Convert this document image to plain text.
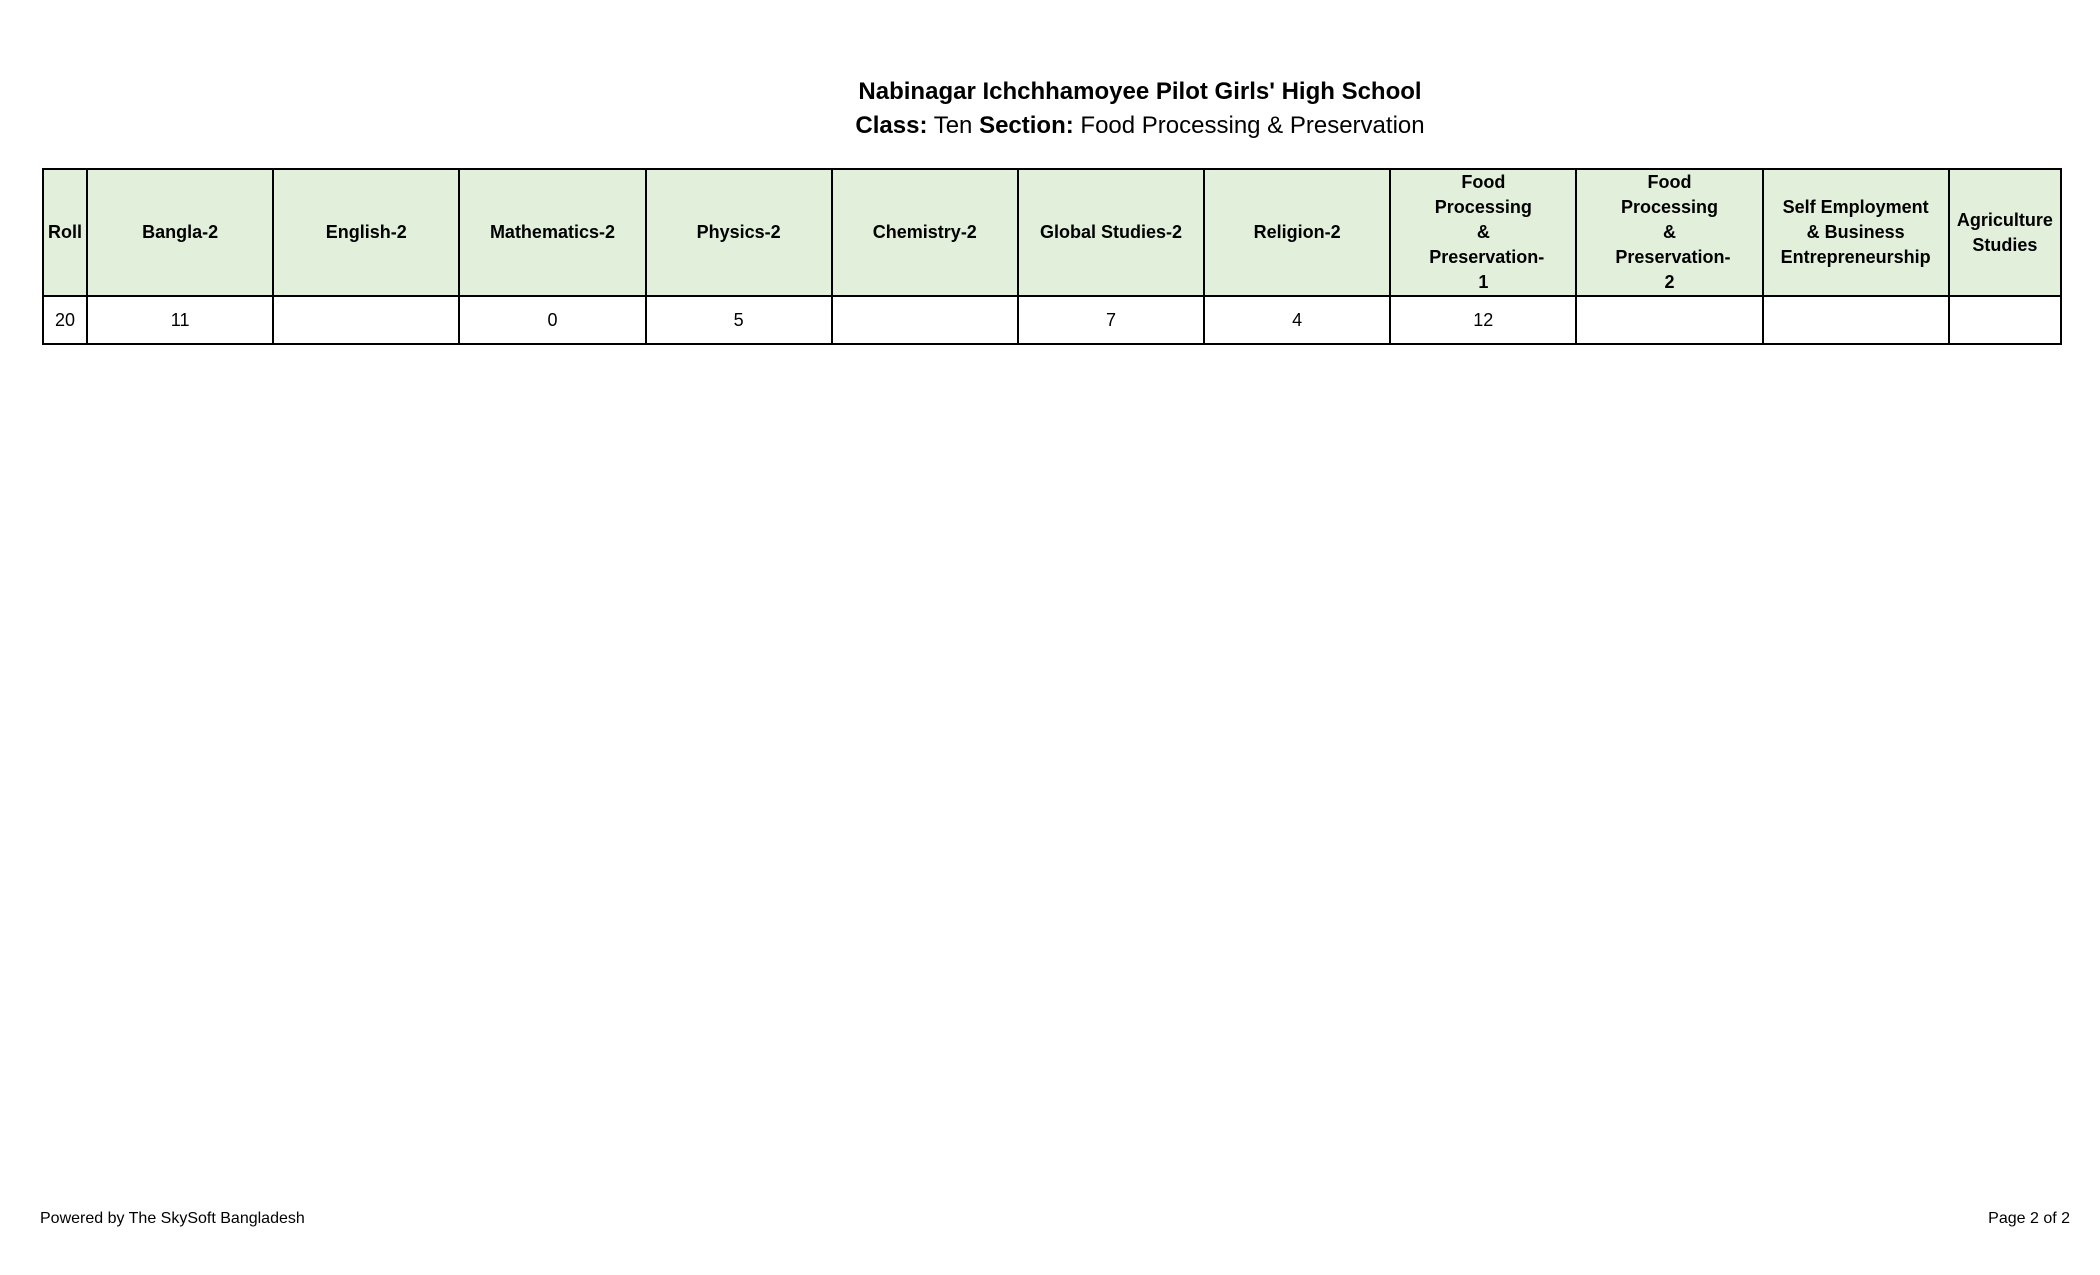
Nabinagar Ichchhamoyee Pilot Girls' High School
Class: Ten Section: Food Processing & Preservation
Roll	Bangla-2	English-2	Mathematics-2	Physics-2	Chemistry-2	Global Studies-2	Religion-2	Food Processing & Preservation-1	Food Processing & Preservation-2	Self Employment & Business Entrepreneurship	Agriculture Studies
20	11		0	5		7	4	12			
Powered by The SkySoft Bangladesh	Page 2 of 2
